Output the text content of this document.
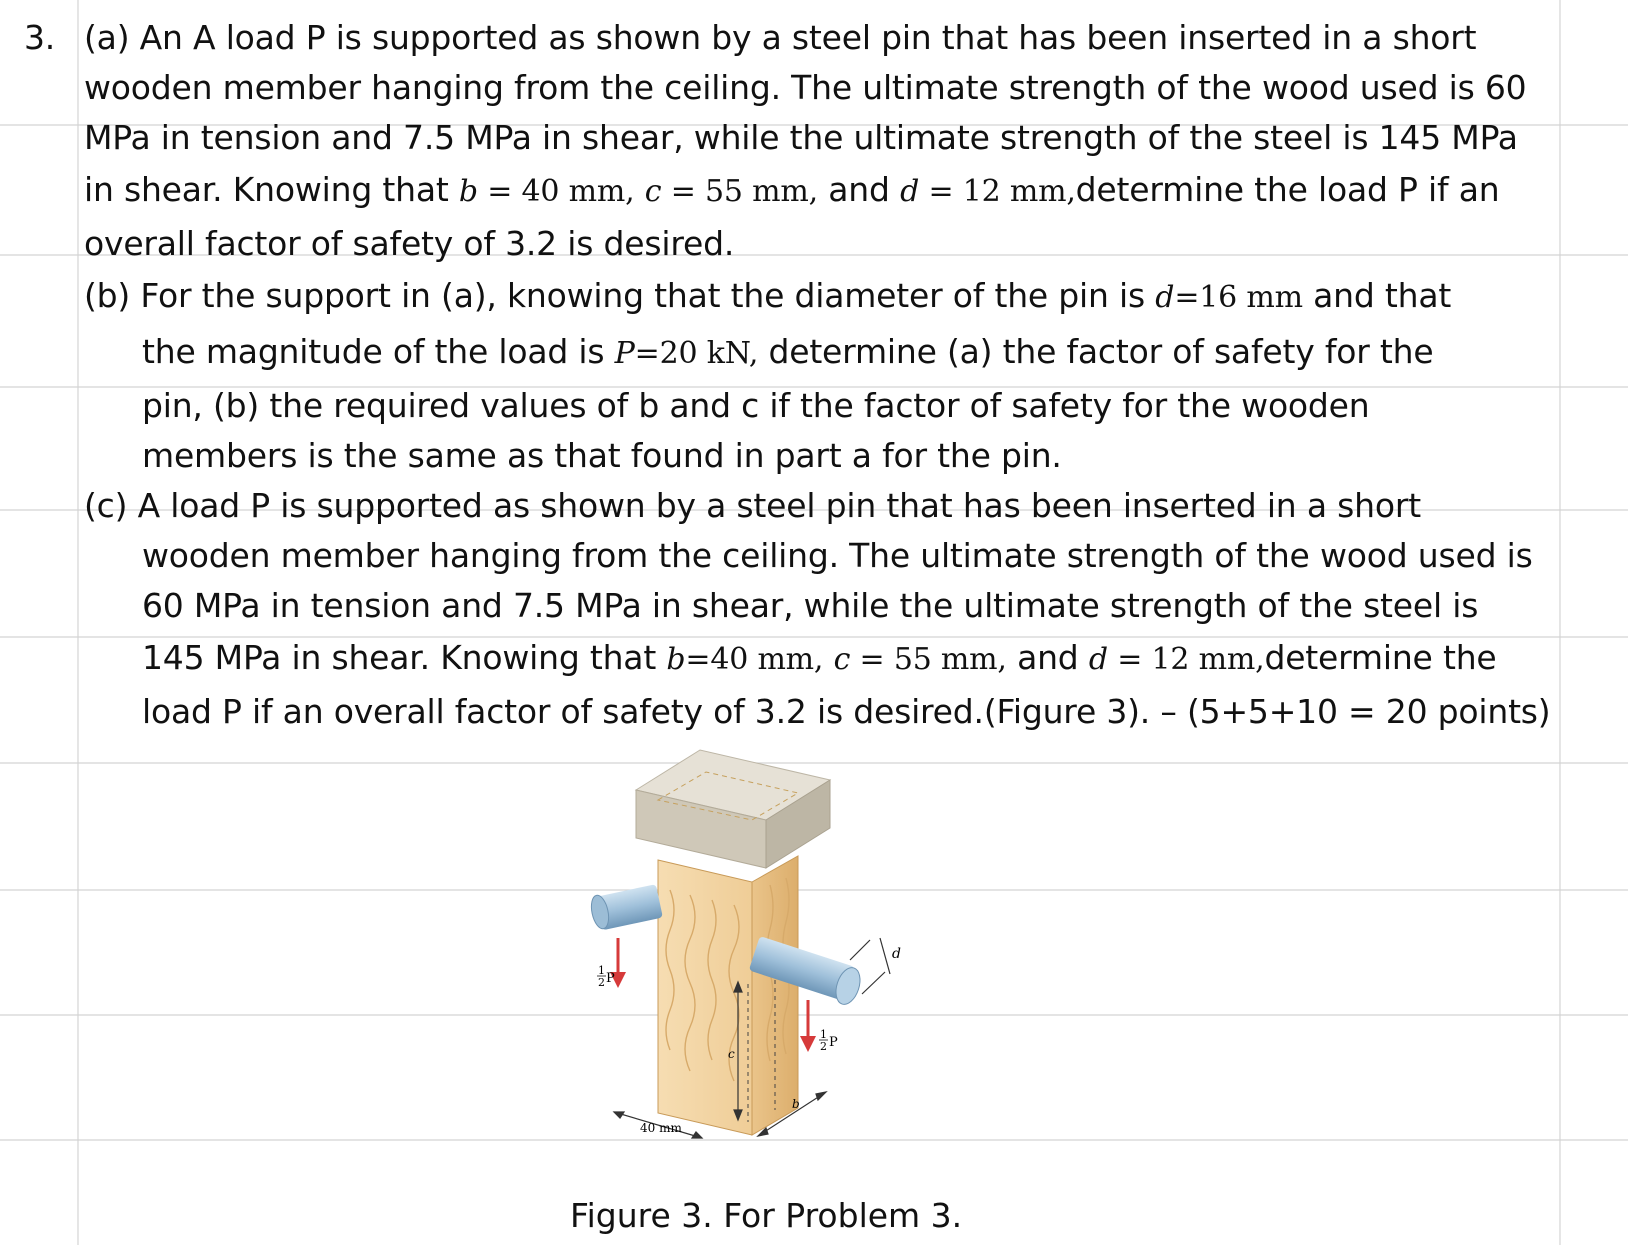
3. (a) An A load P is supported as shown by a steel pin that has been inserted in a short
wooden member hanging from the ceiling. The ultimate strength of the wood used is 60
MPa in tension and 7.5 MPa in shear, while the ultimate strength of the steel is 145 MPa
in shear. Knowing that b = 40 mm, c = 55 mm, and d = 12 mm,determine the load P if an
overall factor of safety of 3.2 is desired.
(b) For the support in (a), knowing that the diameter of the pin is d=16 mm and that
the magnitude of the load is P=20 kN, determine (a) the factor of safety for the
pin, (b) the required values of b and c if the factor of safety for the wooden
members is the same as that found in part a for the pin.
(c) A load P is supported as shown by a steel pin that has been inserted in a short
wooden member hanging from the ceiling. The ultimate strength of the wood used is
60 MPa in tension and 7.5 MPa in shear, while the ultimate strength of the steel is
145 MPa in shear. Knowing that b=40 mm, c = 55 mm, and d = 12 mm,determine the
load P if an overall factor of safety of 3.2 is desired.(Figure 3). – (5+5+10 = 20 points)
d
1
2 P
1
2 P
c
40 mm
b
Figure 3. For Problem 3.
